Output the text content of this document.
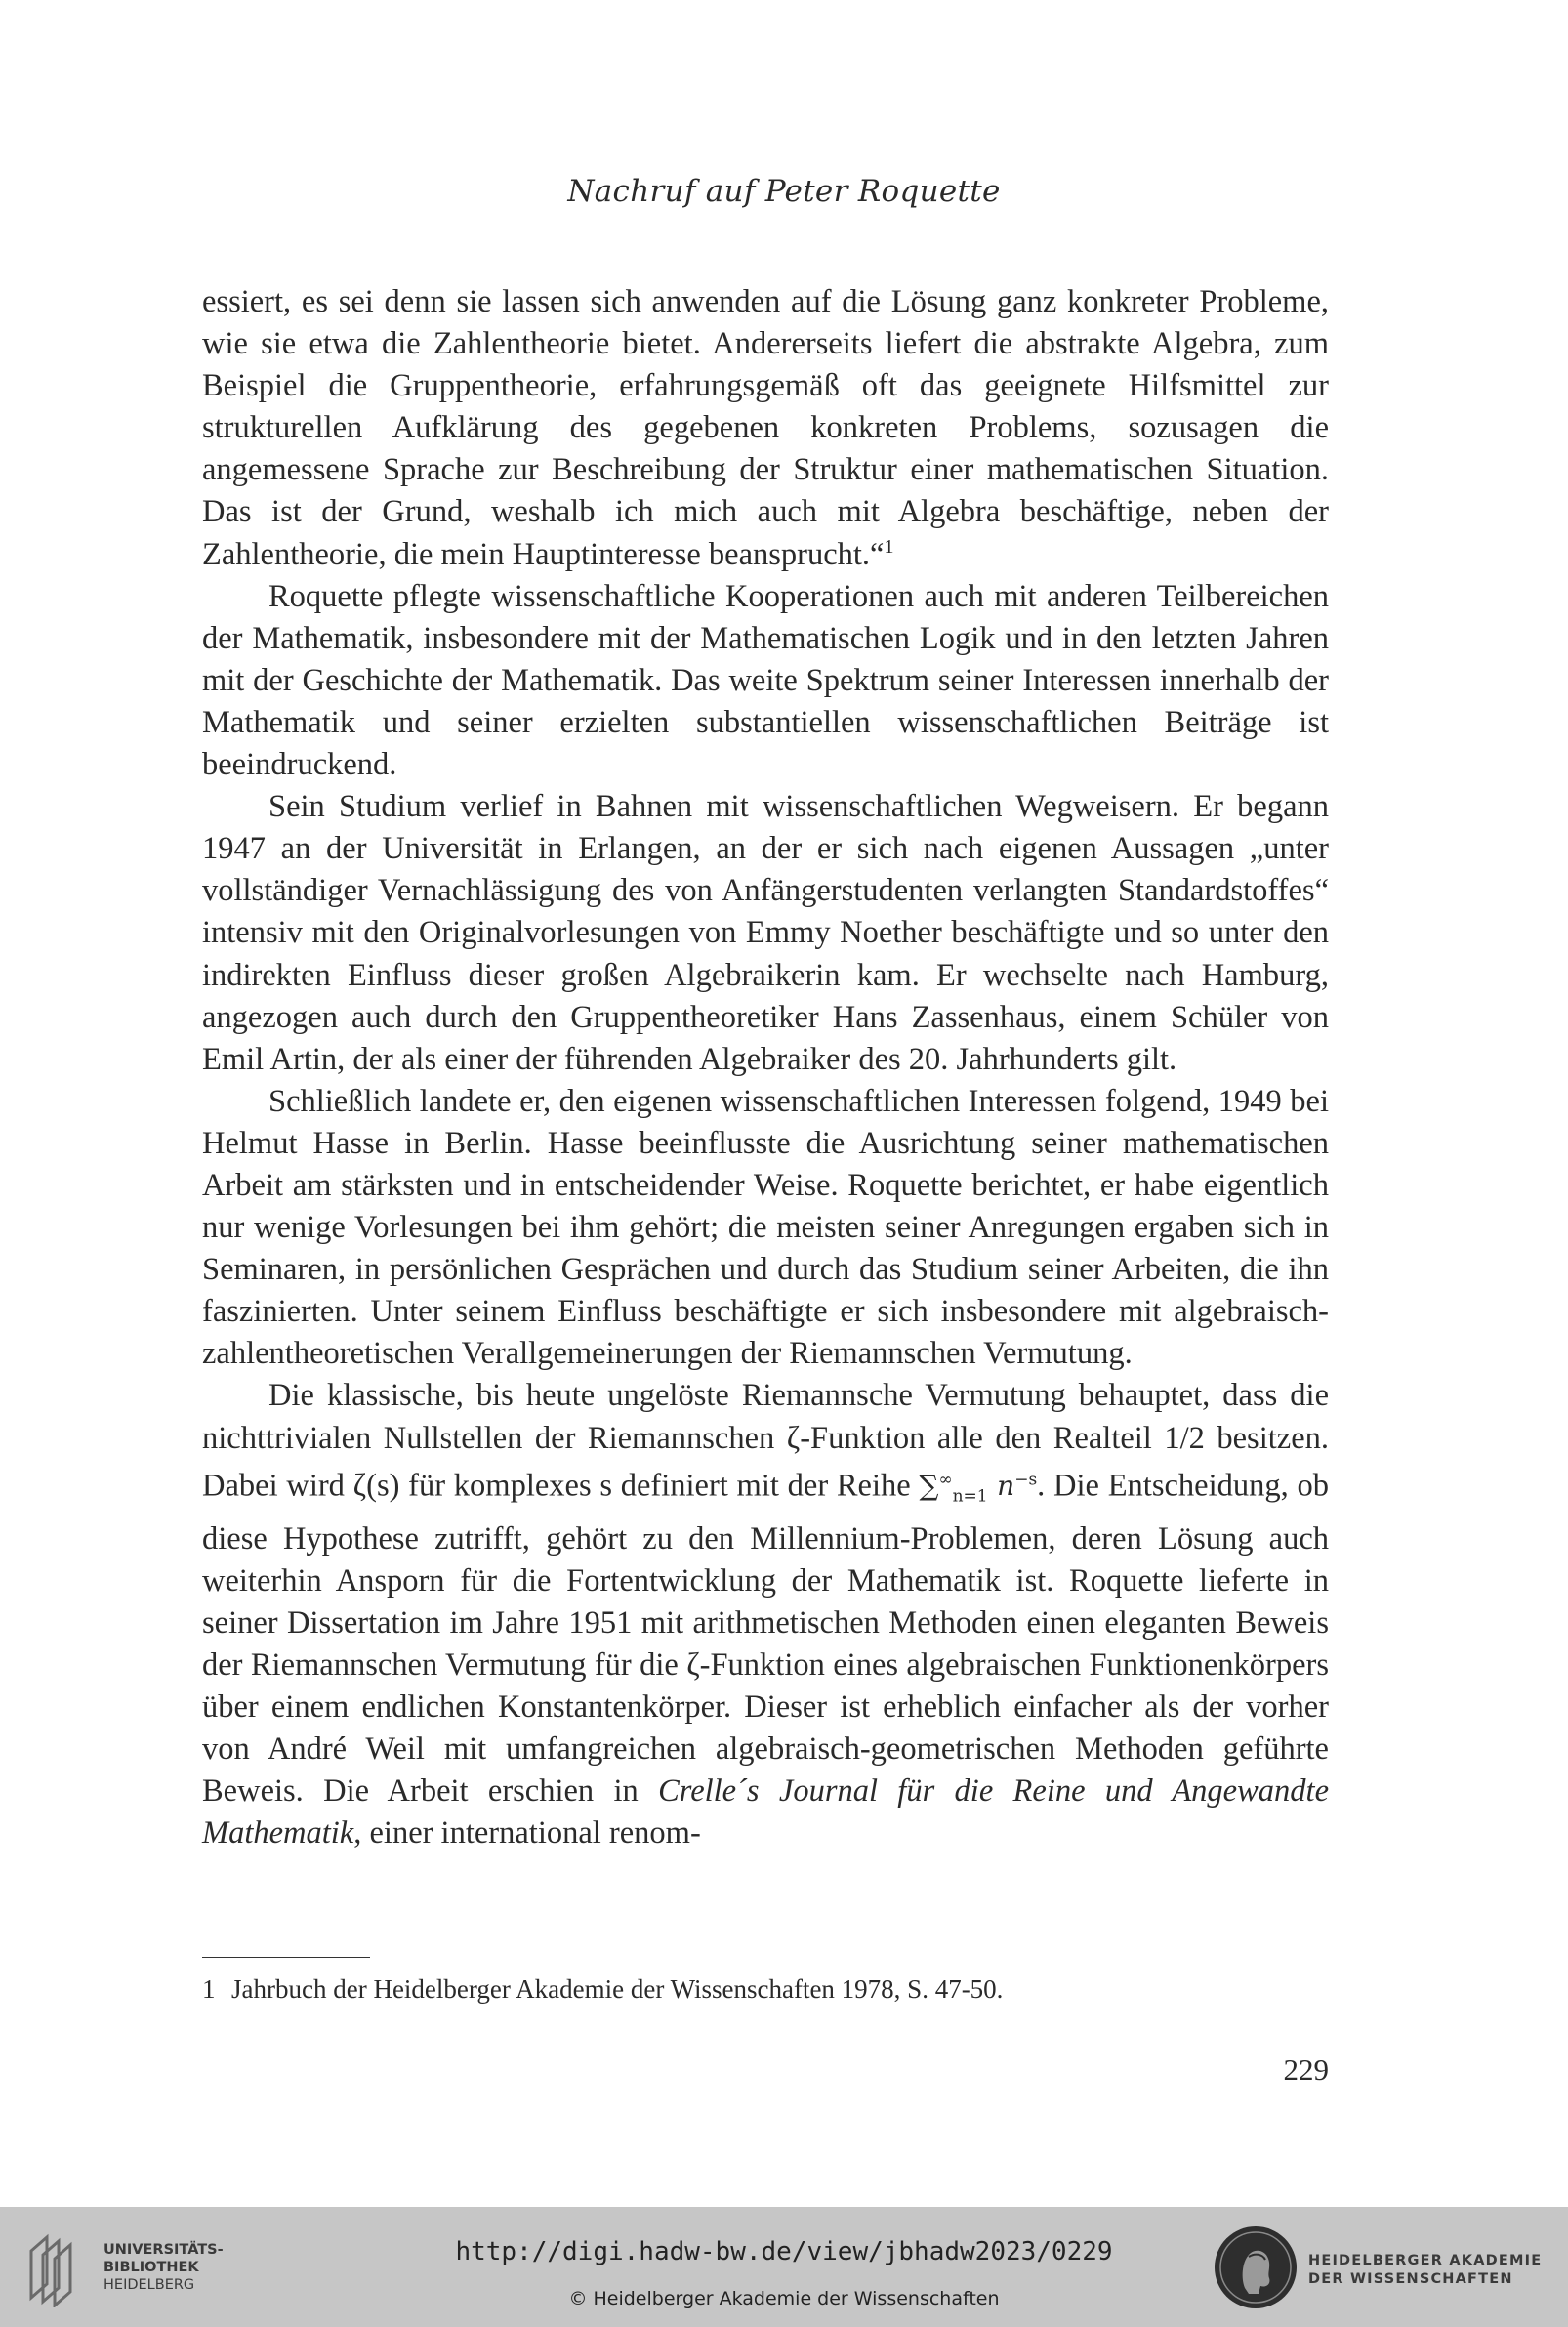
Nachruf auf Peter Roquette

essiert, es sei denn sie lassen sich anwenden auf die Lösung ganz konkreter Probleme, wie sie etwa die Zahlentheorie bietet. Andererseits liefert die abstrakte Algebra, zum Beispiel die Gruppentheorie, erfahrungsgemäß oft das geeignete Hilfsmittel zur strukturellen Aufklärung des gegebenen konkreten Problems, sozusagen die angemessene Sprache zur Beschreibung der Struktur einer mathematischen Situation. Das ist der Grund, weshalb ich mich auch mit Algebra beschäftige, neben der Zahlentheorie, die mein Hauptinteresse beansprucht.“$^1$

Roquette pflegte wissenschaftliche Kooperationen auch mit anderen Teilbereichen der Mathematik, insbesondere mit der Mathematischen Logik und in den letzten Jahren mit der Geschichte der Mathematik. Das weite Spektrum seiner Interessen innerhalb der Mathematik und seiner erzielten substantiellen wissenschaftlichen Beiträge ist beeindruckend.

Sein Studium verlief in Bahnen mit wissenschaftlichen Wegweisern. Er begann 1947 an der Universität in Erlangen, an der er sich nach eigenen Aussagen „unter vollständiger Vernachlässigung des von Anfängerstudenten verlangten Standardstoffes“ intensiv mit den Originalvorlesungen von Emmy Noether beschäftigte und so unter den indirekten Einfluss dieser großen Algebraikerin kam. Er wechselte nach Hamburg, angezogen auch durch den Gruppentheoretiker Hans Zassenhaus, einem Schüler von Emil Artin, der als einer der führenden Algebraiker des 20. Jahrhunderts gilt.

Schließlich landete er, den eigenen wissenschaftlichen Interessen folgend, 1949 bei Helmut Hasse in Berlin. Hasse beeinflusste die Ausrichtung seiner mathematischen Arbeit am stärksten und in entscheidender Weise. Roquette berichtet, er habe eigentlich nur wenige Vorlesungen bei ihm gehört; die meisten seiner Anregungen ergaben sich in Seminaren, in persönlichen Gesprächen und durch das Studium seiner Arbeiten, die ihn faszinierten. Unter seinem Einfluss beschäftigte er sich insbesondere mit algebraisch-zahlentheoretischen Verallgemeinerungen der Riemannschen Vermutung.

Die klassische, bis heute ungelöste Riemannsche Vermutung behauptet, dass die nichttrivialen Nullstellen der Riemannschen ζ-Funktion alle den Realteil 1/2 besitzen. Dabei wird ζ(s) für komplexes s definiert mit der Reihe $\sum^\infty_{n=1}$ $n^{-s}$. Die Entscheidung, ob diese Hypothese zutrifft, gehört zu den Millennium-Problemen, deren Lösung auch weiterhin Ansporn für die Fortentwicklung der Mathematik ist. Roquette lieferte in seiner Dissertation im Jahre 1951 mit arithmetischen Methoden einen eleganten Beweis der Riemannschen Vermutung für die ζ-Funktion eines algebraischen Funktionenkörpers über einem endlichen Konstantenkörper. Dieser ist erheblich einfacher als der vorher von André Weil mit umfangreichen algebraisch-geometrischen Methoden geführte Beweis. Die Arbeit erschien in Crelle´s Journal für die Reine und Angewandte Mathematik, einer international renom-

1 Jahrbuch der Heidelberger Akademie der Wissenschaften 1978, S. 47-50.
229
UNIVERSITÄTS-
BIBLIOTHEK
HEIDELBERG
http://digi.hadw-bw.de/view/jbhadw2023/0229
© Heidelberger Akademie der Wissenschaften
HEIDELBERGER AKADEMIE
DER WISSENSCHAFTEN
